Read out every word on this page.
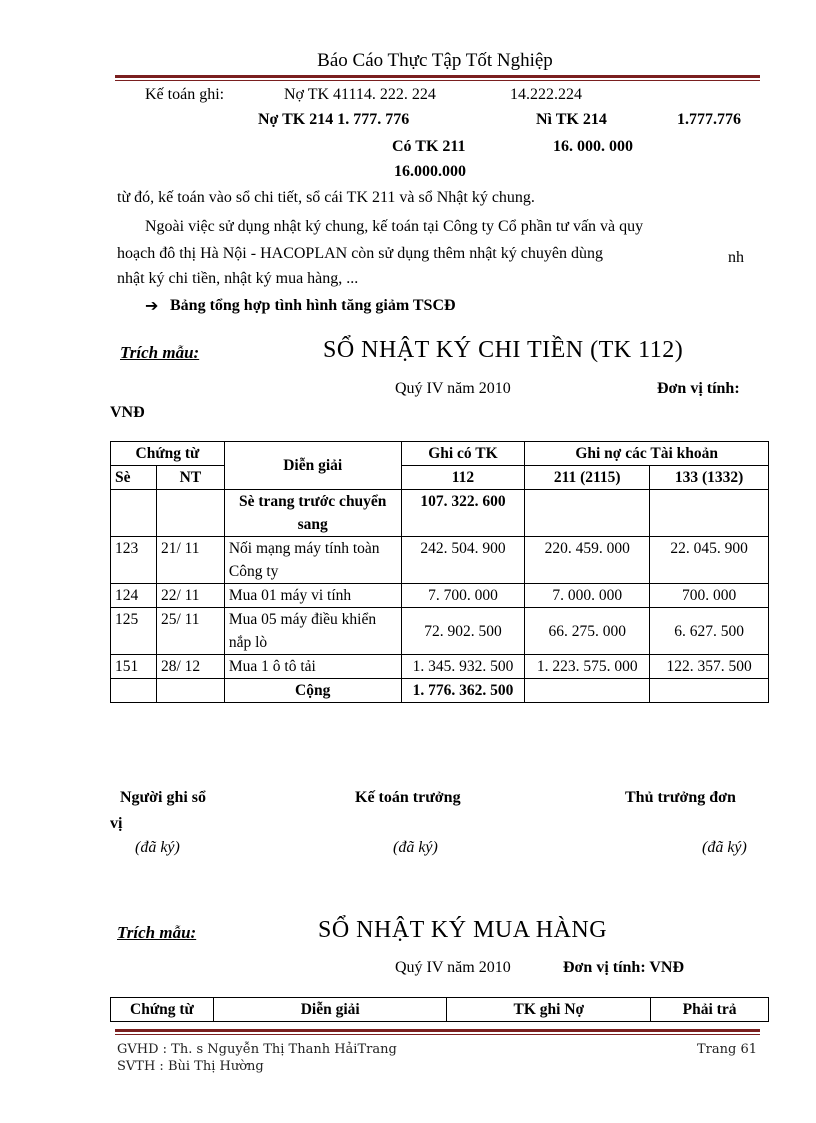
Báo Cáo Thực Tập Tốt Nghiệp
Kế toán ghi:	Nợ TK 41114. 222. 224	14.222.224
Nợ TK 214 1. 777. 776	Nì TK 214	1.777.776
Có TK 211	16. 000. 000
16.000.000
từ đó, kế toán vào sổ chi tiết, sổ cái TK 211 và sổ Nhật ký chung.
Ngoài việc sử dụng nhật ký chung, kế toán tại Công ty Cổ phần tư vấn và quy
hoạch đô thị Hà Nội - HACOPLAN còn sử dụng thêm nhật ký chuyên dùng	nh
nhật ký chi tiền, nhật ký mua hàng, ...
➔ Bảng tổng hợp tình hình tăng giảm TSCĐ
Trích mẫu:	SỔ NHẬT KÝ CHI TIỀN (TK 112)
Quý IV năm 2010	Đơn vị tính:
VNĐ
Chứng từ		Diễn giải	Ghi có TK	Ghi nợ các Tài khoản	
Sè	NT		112	211 (2115)	133 (1332)
		Sè trang trước chuyển sang	107. 322. 600		
123	21/ 11	Nối mạng máy tính toàn Công ty	242. 504. 900	220. 459. 000	22. 045. 900
124	22/ 11	Mua 01 máy vi tính	7. 700. 000	7. 000. 000	700. 000
125	25/ 11	Mua 05 máy điều khiển nắp lò	72. 902. 500	66. 275. 000	6. 627. 500
151	28/ 12	Mua 1 ô tô tải	1. 345. 932. 500	1. 223. 575. 000	122. 357. 500
		Cộng	1. 776. 362. 500		
Người ghi sổ	Kế toán trưởng	Thủ trưởng đơn
vị
(đã ký)	(đã ký)	(đã ký)
Trích mẫu:	SỔ NHẬT KÝ MUA HÀNG
Quý IV năm 2010	Đơn vị tính: VNĐ
Chứng từ	Diễn giải	TK ghi Nợ	Phải trả
GVHD : Th. s Nguyễn Thị Thanh HảiTrang
SVTH : Bùi Thị Hường
Trang 61
